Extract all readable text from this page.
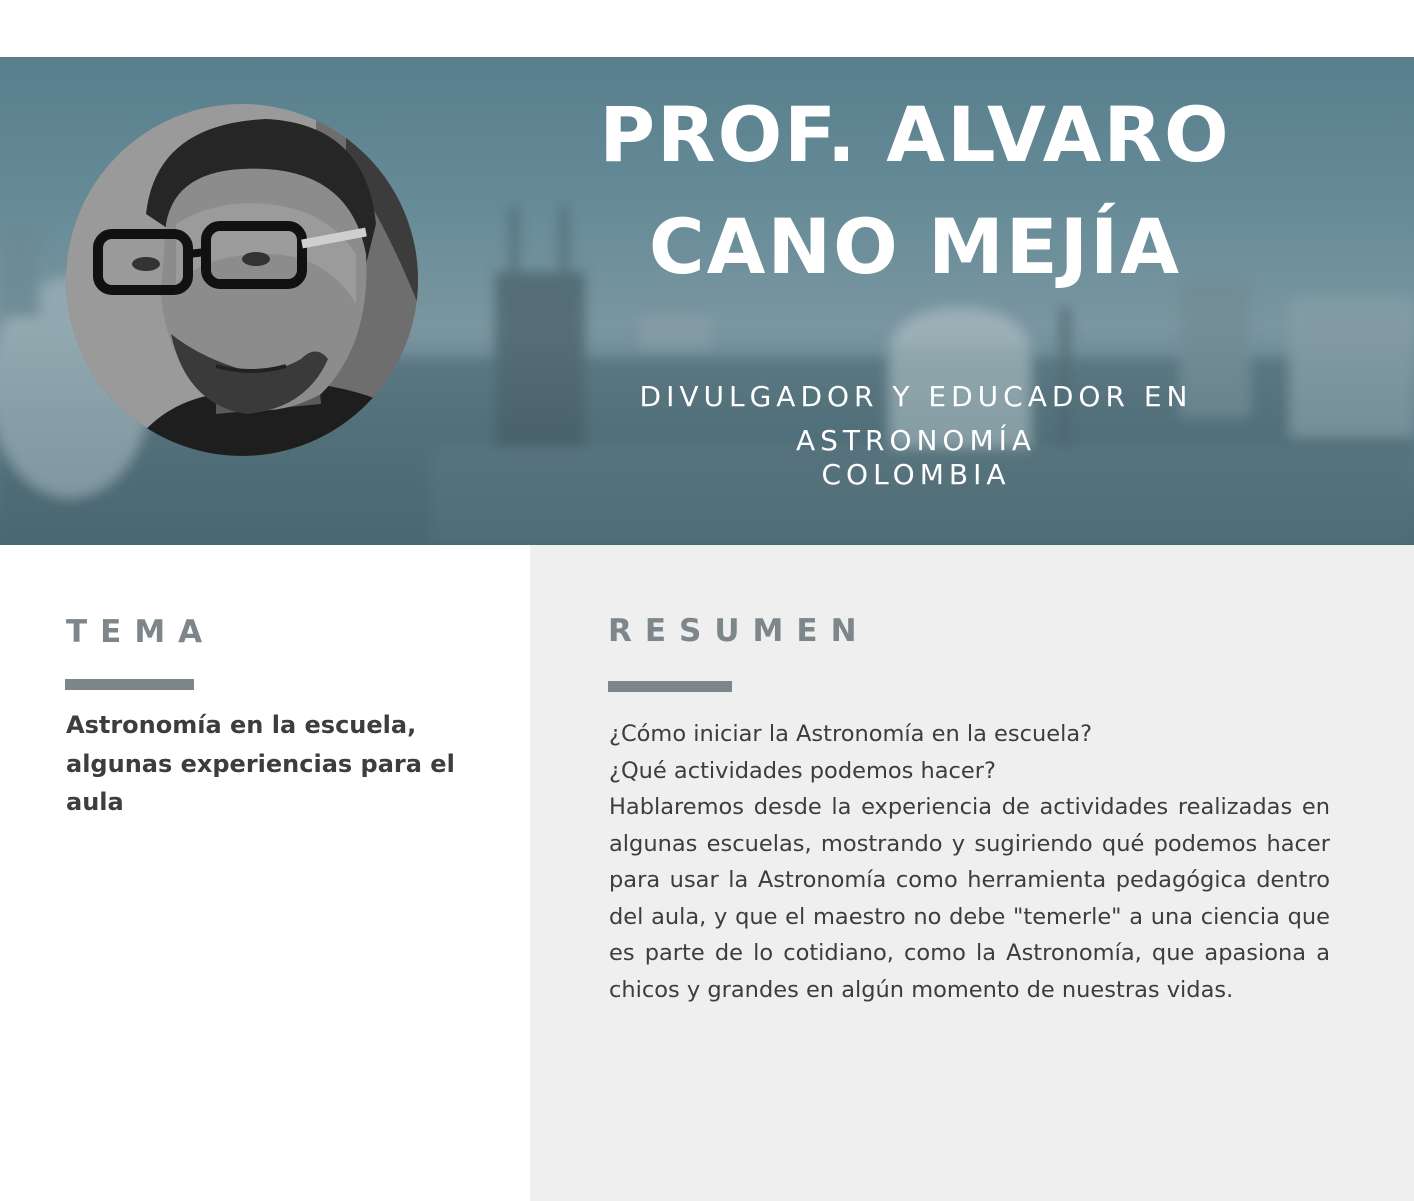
PROF. ALVARO
CANO MEJÍA

DIVULGADOR Y EDUCADOR EN ASTRONOMÍA

COLOMBIA

TEMA

Astronomía en la escuela, algunas experiencias para el aula

RESUMEN

¿Cómo iniciar la Astronomía en la escuela?
¿Qué actividades podemos hacer?
Hablaremos desde la experiencia de actividades realizadas en algunas escuelas, mostrando y sugiriendo qué podemos hacer para usar la Astronomía como herramienta pedagógica dentro del aula, y que el maestro no debe "temerle" a una ciencia que es parte de lo cotidiano, como la Astronomía, que apasiona a chicos y grandes en algún momento de nuestras vidas.
